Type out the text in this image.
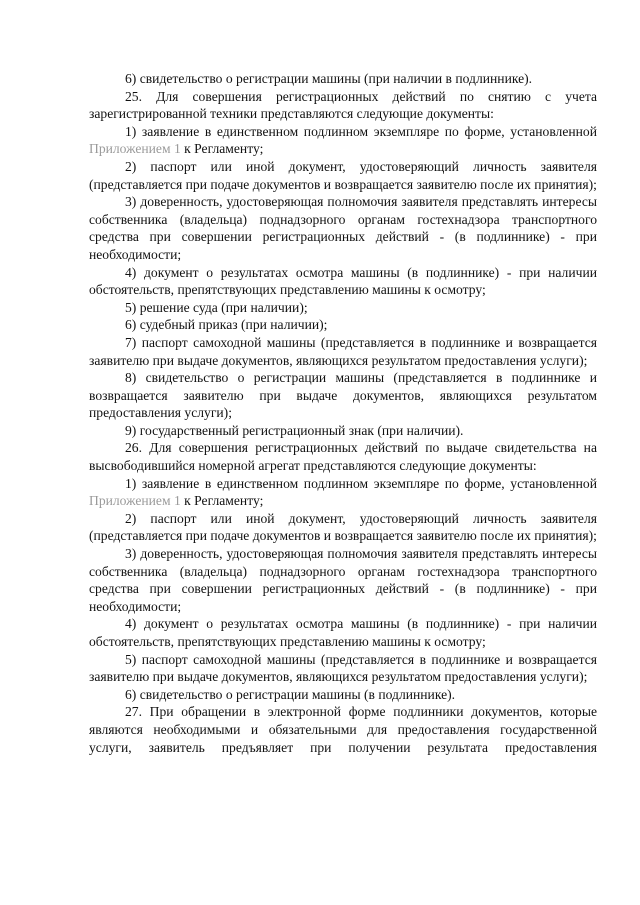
6) свидетельство о регистрации машины (при наличии в подлиннике).

25. Для совершения регистрационных действий по снятию с учета зарегистрированной техники представляются следующие документы:

1) заявление в единственном подлинном экземпляре по форме, установленной Приложением 1 к Регламенту;

2) паспорт или иной документ, удостоверяющий личность заявителя (представляется при подаче документов и возвращается заявителю после их принятия);

3) доверенность, удостоверяющая полномочия заявителя представлять интересы собственника (владельца) поднадзорного органам гостехнадзора транспортного средства при совершении регистрационных действий - (в подлиннике) - при необходимости;

4) документ о результатах осмотра машины (в подлиннике) - при наличии обстоятельств, препятствующих представлению машины к осмотру;

5) решение суда (при наличии);

6) судебный приказ (при наличии);

7) паспорт самоходной машины (представляется в подлиннике и возвращается заявителю при выдаче документов, являющихся результатом предоставления услуги);

8) свидетельство о регистрации машины (представляется в подлиннике и возвращается заявителю при выдаче документов, являющихся результатом предоставления услуги);

9) государственный регистрационный знак (при наличии).

26. Для совершения регистрационных действий по выдаче свидетельства на высвободившийся номерной агрегат представляются следующие документы:

1) заявление в единственном подлинном экземпляре по форме, установленной Приложением 1 к Регламенту;

2) паспорт или иной документ, удостоверяющий личность заявителя (представляется при подаче документов и возвращается заявителю после их принятия);

3) доверенность, удостоверяющая полномочия заявителя представлять интересы собственника (владельца) поднадзорного органам гостехнадзора транспортного средства при совершении регистрационных действий - (в подлиннике) - при необходимости;

4) документ о результатах осмотра машины (в подлиннике) - при наличии обстоятельств, препятствующих представлению машины к осмотру;

5) паспорт самоходной машины (представляется в подлиннике и возвращается заявителю при выдаче документов, являющихся результатом предоставления услуги);

6) свидетельство о регистрации машины (в подлиннике).

27. При обращении в электронной форме подлинники документов, которые являются необходимыми и обязательными для предоставления государственной услуги, заявитель предъявляет при получении результата предоставления
